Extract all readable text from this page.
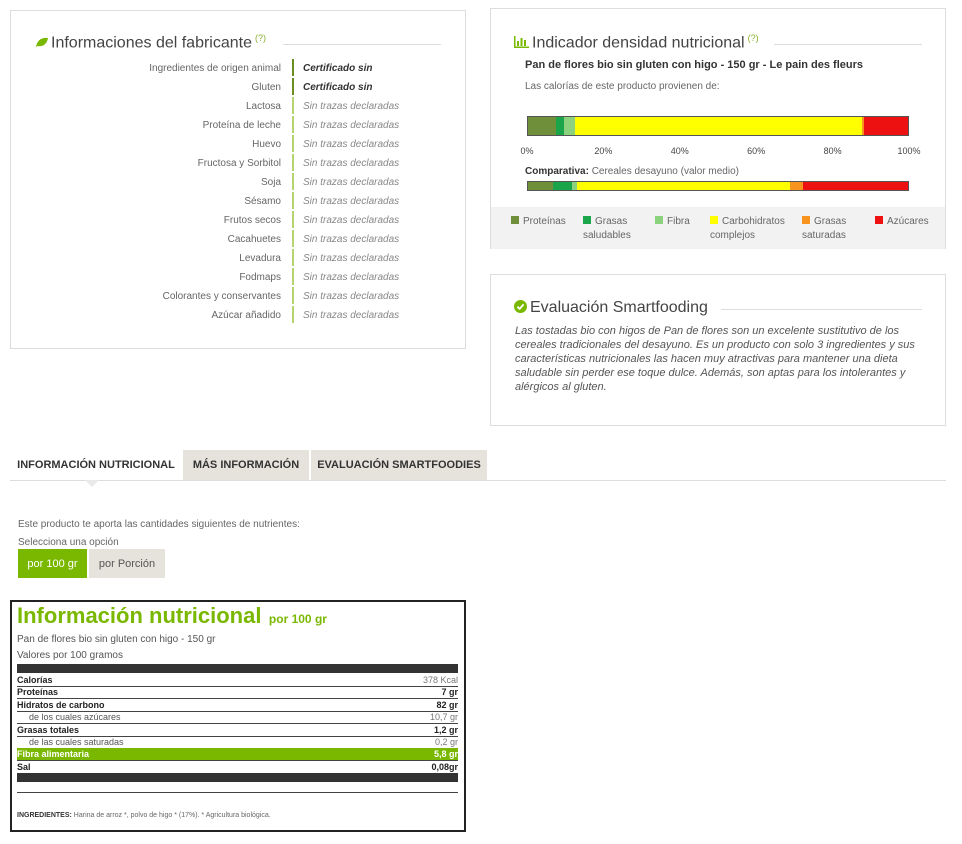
Informaciones del fabricante (?)
Ingredientes de origen animal Certificado sin
Gluten Certificado sin
Lactosa Sin trazas declaradas
Proteína de leche Sin trazas declaradas
Huevo Sin trazas declaradas
Fructosa y Sorbitol Sin trazas declaradas
Soja Sin trazas declaradas
Sésamo Sin trazas declaradas
Frutos secos Sin trazas declaradas
Cacahuetes Sin trazas declaradas
Levadura Sin trazas declaradas
Fodmaps Sin trazas declaradas
Colorantes y conservantes Sin trazas declaradas
Azúcar añadido Sin trazas declaradas
Indicador densidad nutricional (?)
Pan de flores bio sin gluten con higo - 150 gr - Le pain des fleurs
Las calorías de este producto provienen de:
0%	20%	40%	60%	80%	100%
Comparativa: Cereales desayuno (valor medio)
Proteínas	Grasas saludables
Fibra	Carbohidratos complejos
Grasas saturadas
Azúcares
Evaluación Smartfooding
Las tostadas bio con higos de Pan de flores son un excelente sustitutivo de los cereales tradicionales del desayuno. Es un producto con solo 3 ingredientes y sus características nutricionales las hacen muy atractivas para mantener una dieta saludable sin perder ese toque dulce. Además, son aptas para los intolerantes y alérgicos al gluten.
INFORMACIÓN NUTRICIONAL	MÁS INFORMACIÓN	EVALUACIÓN SMARTFOODIES
Este producto te aporta las cantidades siguientes de nutrientes:
Selecciona una opción
por 100 gr	por Porción
Información nutricional por 100 gr
Pan de flores bio sin gluten con higo - 150 gr
Valores por 100 gramos
Calorías	378 Kcal
Proteínas	7 gr
Hidratos de carbono	82 gr
de los cuales azúcares	10,7 gr
Grasas totales	1,2 gr
de las cuales saturadas	0,2 gr
Fibra alimentaria	5,8 gr
Sal	0,08gr
INGREDIENTES: Harina de arroz *, polvo de higo * (17%). * Agricultura biológica.
